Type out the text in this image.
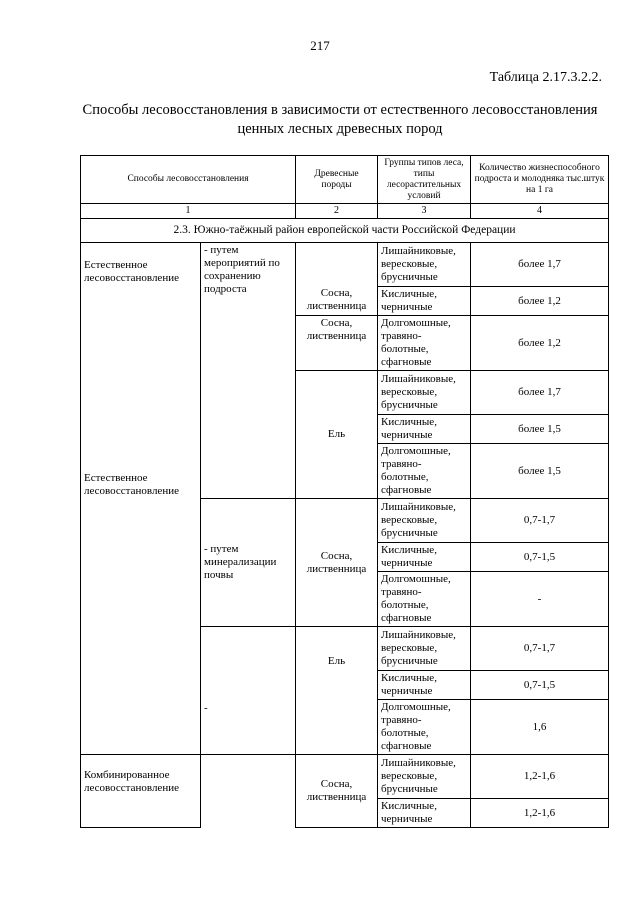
217
Таблица 2.17.3.2.2.
Способы лесовосстановления в зависимости от естественного лесовосстановления ценных лесных древесных пород
Способы лесовосстановления		Древесные породы	Группы типов леса, типы лесорастительных условий	Количество жизнеспособного подроста и молодняка тыс.штук на 1 га
1		2	3	4
2.3. Южно-таёжный район европейской части Российской Федерации				
Естественное лесовосстановление	- путем мероприятий по сохранению подроста	Сосна, лиственница	Лишайниковые, вересковые, брусничные	более 1,7
			Кисличные, черничные	более 1,2
		Сосна, лиственница	Долгомошные, травяно-болотные, сфагновые	более 1,2
		Ель	Лишайниковые, вересковые, брусничные	более 1,7
			Кисличные, черничные	более 1,5
Естественное лесовосстановление			Долгомошные, травяно-болотные, сфагновые	более 1,5
	- путем минерализации почвы	Сосна, лиственница	Лишайниковые, вересковые, брусничные	0,7-1,7
			Кисличные, черничные	0,7-1,5
			Долгомошные, травяно-болотные, сфагновые	-
	-	Ель	Лишайниковые, вересковые, брусничные	0,7-1,7
			Кисличные, черничные	0,7-1,5
			Долгомошные, травяно-болотные, сфагновые	1,6
Комбинированное лесовосстановление		Сосна, лиственница	Лишайниковые, вересковые, брусничные	1,2-1,6
			Кисличные, черничные	1,2-1,6
